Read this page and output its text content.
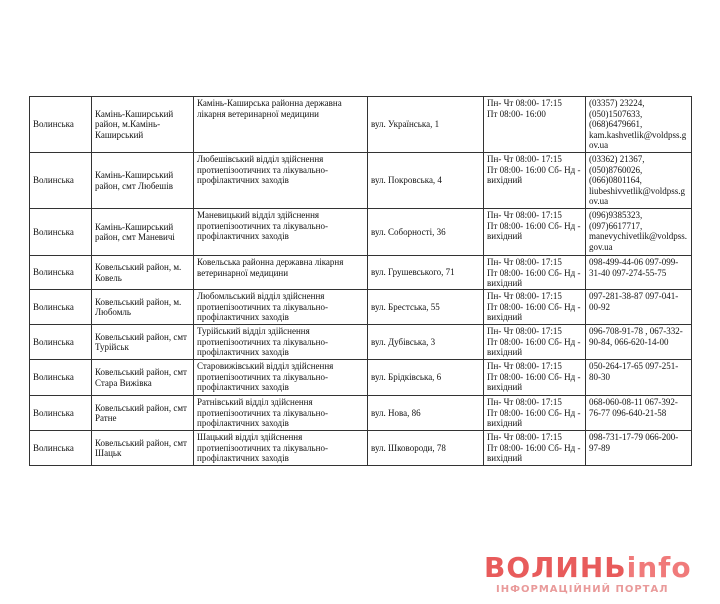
Волинська	Камінь-Каширський район, м.Камінь-Каширський	Камінь-Каширська районна державна лікарня ветеринарної медицини	вул. Українська, 1	Пн- Чт 08:00- 17:15
Пт 08:00- 16:00	(03357) 23224,
(050)1507633,
(068)6479661,
kam.kashvetlik@voldpss.g
ov.ua
Волинська	Камінь-Каширський район, смт Любешів	Любешівський відділ здійснення протиепізоотичних та лікувально-профілактичних заходів	вул. Покровська, 4	Пн- Чт 08:00- 17:15
Пт 08:00- 16:00 Сб- Нд -
вихідний	(03362) 21367,
(050)8760026,
(066)0801164,
liubeshivvetlik@voldpss.g
ov.ua
Волинська	Камінь-Каширський район, смт Маневичі	Маневицький відділ здійснення протиепізоотичних та лікувально-профілактичних заходів	вул. Соборності, 36	Пн- Чт 08:00- 17:15
Пт 08:00- 16:00 Сб- Нд -
вихідний	(096)9385323,
(097)6617717,
manevychivetlik@voldpss.
gov.ua
Волинська	Ковельський район, м. Ковель	Ковельська районна державна лікарня ветеринарної медицини	вул. Грушевського, 71	Пн- Чт 08:00- 17:15
Пт 08:00- 16:00 Сб- Нд -
вихідний	098-499-44-06 097-099-
31-40 097-274-55-75
Волинська	Ковельський район, м. Любомль	Любомльський відділ здійснення протиепізоотичних та лікувально-профілактичних заходів	вул. Брестська, 55	Пн- Чт 08:00- 17:15
Пт 08:00- 16:00 Сб- Нд -
вихідний	097-281-38-87 097-041-
00-92
Волинська	Ковельський район, смт Турійськ	Турійський відділ здійснення протиепізоотичних та лікувально-профілактичних заходів	вул. Дубівська, 3	Пн- Чт 08:00- 17:15
Пт 08:00- 16:00 Сб- Нд -
вихідний	096-708-91-78 , 067-332-
90-84, 066-620-14-00
Волинська	Ковельський район, смт Стара Вижівка	Старовижівський відділ здійснення протиепізоотичних та лікувально-профілактичних заходів	вул. Брідківська, 6	Пн- Чт 08:00- 17:15
Пт 08:00- 16:00 Сб- Нд -
вихідний	050-264-17-65 097-251-
80-30
Волинська	Ковельський район, смт Ратне	Ратнівський відділ здійснення протиепізоотичних та лікувально-профілактичних заходів	вул. Нова, 86	Пн- Чт 08:00- 17:15
Пт 08:00- 16:00 Сб- Нд -
вихідний	068-060-08-11 067-392-
76-77 096-640-21-58
Волинська	Ковельський район, смт Шацьк	Шацький відділ здійснення протиепізоотичних та лікувально-профілактичних заходів	вул. Шковороди, 78	Пн- Чт 08:00- 17:15
Пт 08:00- 16:00 Сб- Нд -
вихідний	098-731-17-79 066-200-
97-89
ВОЛИНЬinfo
ІНФОРМАЦІЙНИЙ ПОРТАЛ
